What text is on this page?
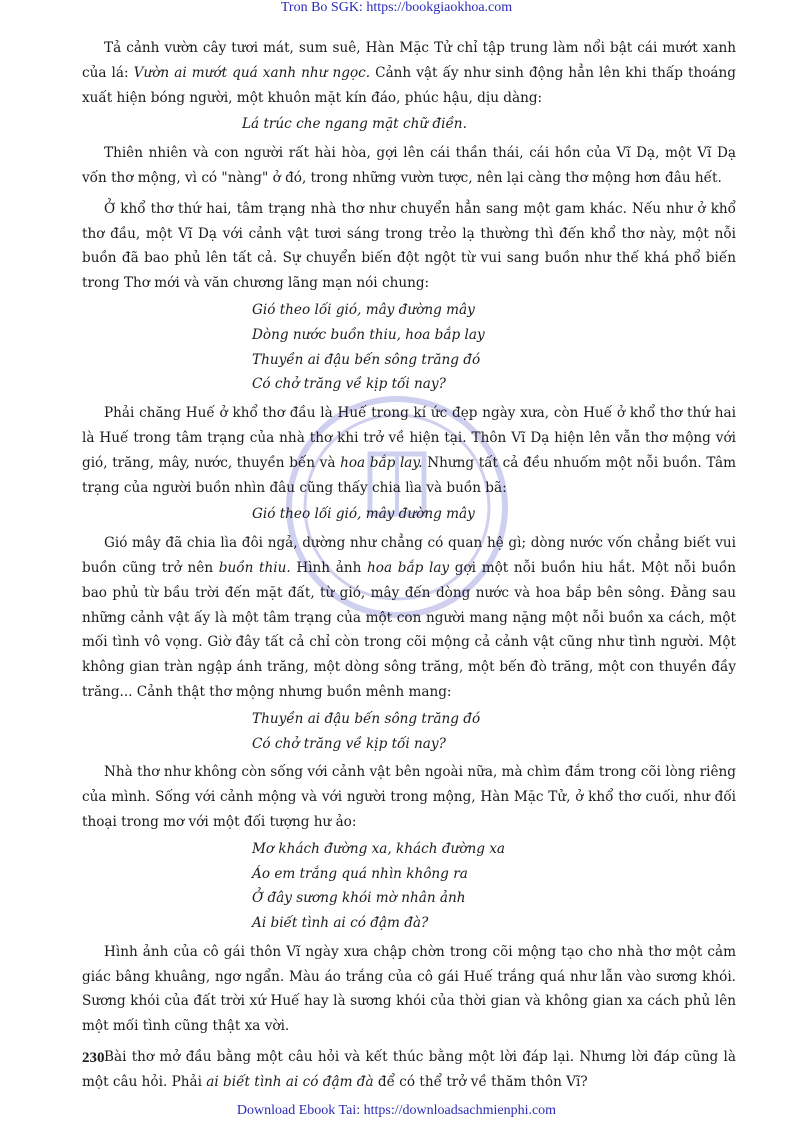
Tron Bo SGK: https://bookgiaokhoa.com

Tả cảnh vườn cây tươi mát, sum suê, Hàn Mặc Tử chỉ tập trung làm nổi bật cái mướt xanh của lá: Vườn ai mướt quá xanh như ngọc. Cảnh vật ấy như sinh động hẳn lên khi thấp thoáng xuất hiện bóng người, một khuôn mặt kín đáo, phúc hậu, dịu dàng:

Lá trúc che ngang mặt chữ điền.

Thiên nhiên và con người rất hài hòa, gợi lên cái thần thái, cái hồn của Vĩ Dạ, một Vĩ Dạ vốn thơ mộng, vì có "nàng" ở đó, trong những vườn tược, nên lại càng thơ mộng hơn đâu hết.

Ở khổ thơ thứ hai, tâm trạng nhà thơ như chuyển hẳn sang một gam khác. Nếu như ở khổ thơ đầu, một Vĩ Dạ với cảnh vật tươi sáng trong trẻo lạ thường thì đến khổ thơ này, một nỗi buồn đã bao phủ lên tất cả. Sự chuyển biến đột ngột từ vui sang buồn như thế khá phổ biến trong Thơ mới và văn chương lãng mạn nói chung:

Gió theo lối gió, mây đường mây

Dòng nước buồn thiu, hoa bắp lay

Thuyền ai đậu bến sông trăng đó

Có chở trăng về kịp tối nay?

Phải chăng Huế ở khổ thơ đầu là Huế trong kí ức đẹp ngày xưa, còn Huế ở khổ thơ thứ hai là Huế trong tâm trạng của nhà thơ khi trở về hiện tại. Thôn Vĩ Dạ hiện lên vẫn thơ mộng với gió, trăng, mây, nước, thuyền bến và hoa bắp lay. Nhưng tất cả đều nhuốm một nỗi buồn. Tâm trạng của người buồn nhìn đâu cũng thấy chia lìa và buồn bã:

Gió theo lối gió, mây đường mây

Gió mây đã chia lìa đôi ngả, dường như chẳng có quan hệ gì; dòng nước vốn chẳng biết vui buồn cũng trở nên buồn thiu. Hình ảnh hoa bắp lay gợi một nỗi buồn hiu hắt. Một nỗi buồn bao phủ từ bầu trời đến mặt đất, từ gió, mây đến dòng nước và hoa bắp bên sông. Đằng sau những cảnh vật ấy là một tâm trạng của một con người mang nặng một nỗi buồn xa cách, một mối tình vô vọng. Giờ đây tất cả chỉ còn trong cõi mộng cả cảnh vật cũng như tình người. Một không gian tràn ngập ánh trăng, một dòng sông trăng, một bến đò trăng, một con thuyền đầy trăng... Cảnh thật thơ mộng nhưng buồn mênh mang:

Thuyền ai đậu bến sông trăng đó

Có chở trăng về kịp tối nay?

Nhà thơ như không còn sống với cảnh vật bên ngoài nữa, mà chìm đắm trong cõi lòng riêng của mình. Sống với cảnh mộng và với người trong mộng, Hàn Mặc Tử, ở khổ thơ cuối, như đối thoại trong mơ với một đối tượng hư ảo:

Mơ khách đường xa, khách đường xa

Áo em trắng quá nhìn không ra

Ở đây sương khói mờ nhân ảnh

Ai biết tình ai có đậm đà?

Hình ảnh của cô gái thôn Vĩ ngày xưa chập chờn trong cõi mộng tạo cho nhà thơ một cảm giác bâng khuâng, ngơ ngẩn. Màu áo trắng của cô gái Huế trắng quá như lẫn vào sương khói. Sương khói của đất trời xứ Huế hay là sương khói của thời gian và không gian xa cách phủ lên một mối tình cũng thật xa vời.

Bài thơ mở đầu bằng một câu hỏi và kết thúc bằng một lời đáp lại. Nhưng lời đáp cũng là một câu hỏi. Phải ai biết tình ai có đậm đà để có thể trở về thăm thôn Vĩ?

230
Download Ebook Tai: https://downloadsachmienphi.com
